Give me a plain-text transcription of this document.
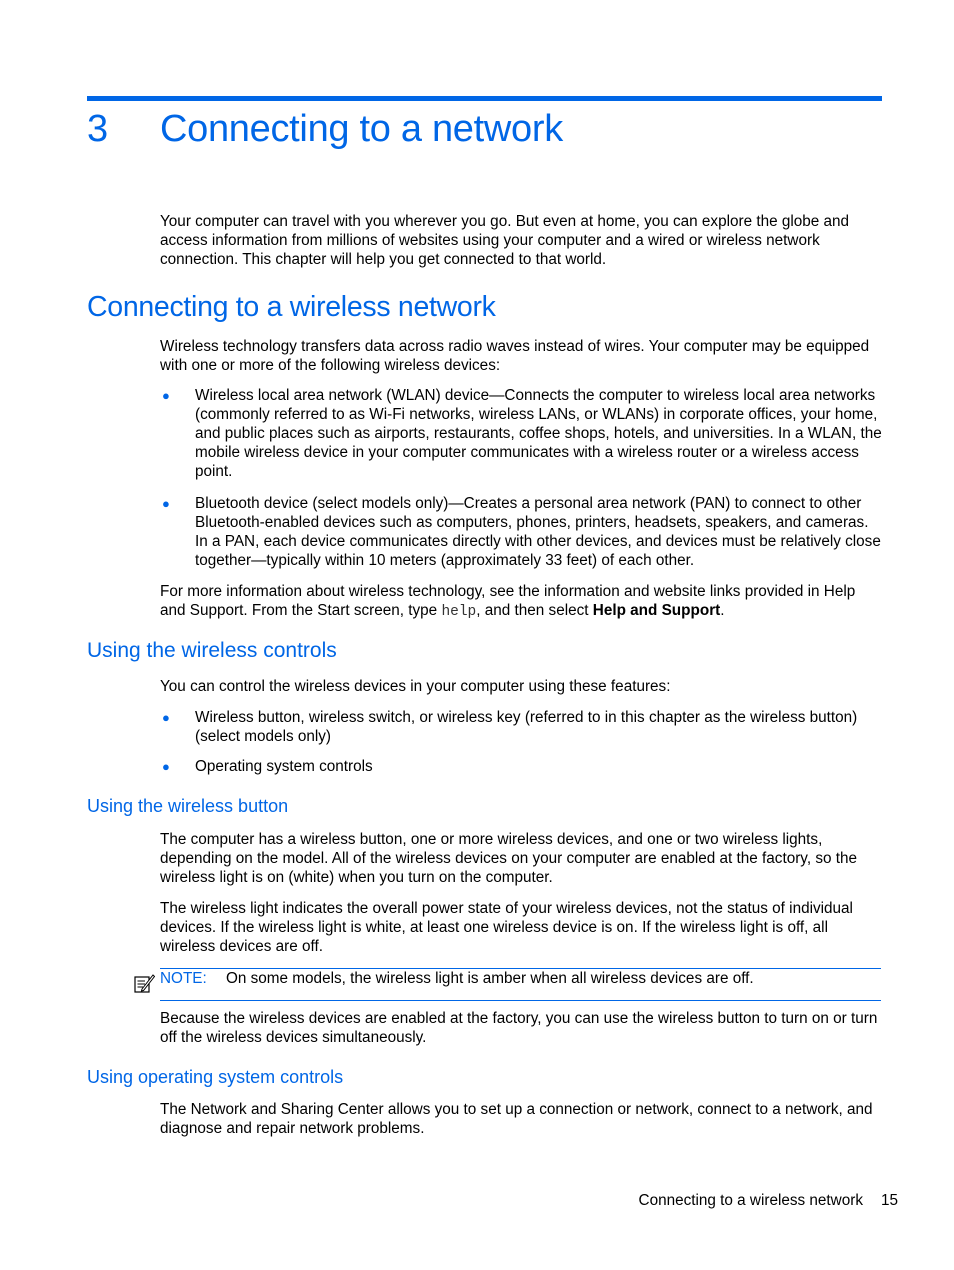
3 Connecting to a network

Your computer can travel with you wherever you go. But even at home, you can explore the globe and access information from millions of websites using your computer and a wired or wireless network connection. This chapter will help you get connected to that world.

Connecting to a wireless network

Wireless technology transfers data across radio waves instead of wires. Your computer may be equipped with one or more of the following wireless devices:

● Wireless local area network (WLAN) device—Connects the computer to wireless local area networks (commonly referred to as Wi-Fi networks, wireless LANs, or WLANs) in corporate offices, your home, and public places such as airports, restaurants, coffee shops, hotels, and universities. In a WLAN, the mobile wireless device in your computer communicates with a wireless router or a wireless access point.
● Bluetooth device (select models only)—Creates a personal area network (PAN) to connect to other Bluetooth-enabled devices such as computers, phones, printers, headsets, speakers, and cameras. In a PAN, each device communicates directly with other devices, and devices must be relatively close together—typically within 10 meters (approximately 33 feet) of each other.

For more information about wireless technology, see the information and website links provided in Help and Support. From the Start screen, type help, and then select Help and Support.

Using the wireless controls

You can control the wireless devices in your computer using these features:

● Wireless button, wireless switch, or wireless key (referred to in this chapter as the wireless button) (select models only)
● Operating system controls
Using the wireless button

The computer has a wireless button, one or more wireless devices, and one or two wireless lights, depending on the model. All of the wireless devices on your computer are enabled at the factory, so the wireless light is on (white) when you turn on the computer.

The wireless light indicates the overall power state of your wireless devices, not the status of individual devices. If the wireless light is white, at least one wireless device is on. If the wireless light is off, all wireless devices are off.

NOTE: On some models, the wireless light is amber when all wireless devices are off.

Because the wireless devices are enabled at the factory, you can use the wireless button to turn on or turn off the wireless devices simultaneously.

Using operating system controls

The Network and Sharing Center allows you to set up a connection or network, connect to a network, and diagnose and repair network problems.

Connecting to a wireless network 15
